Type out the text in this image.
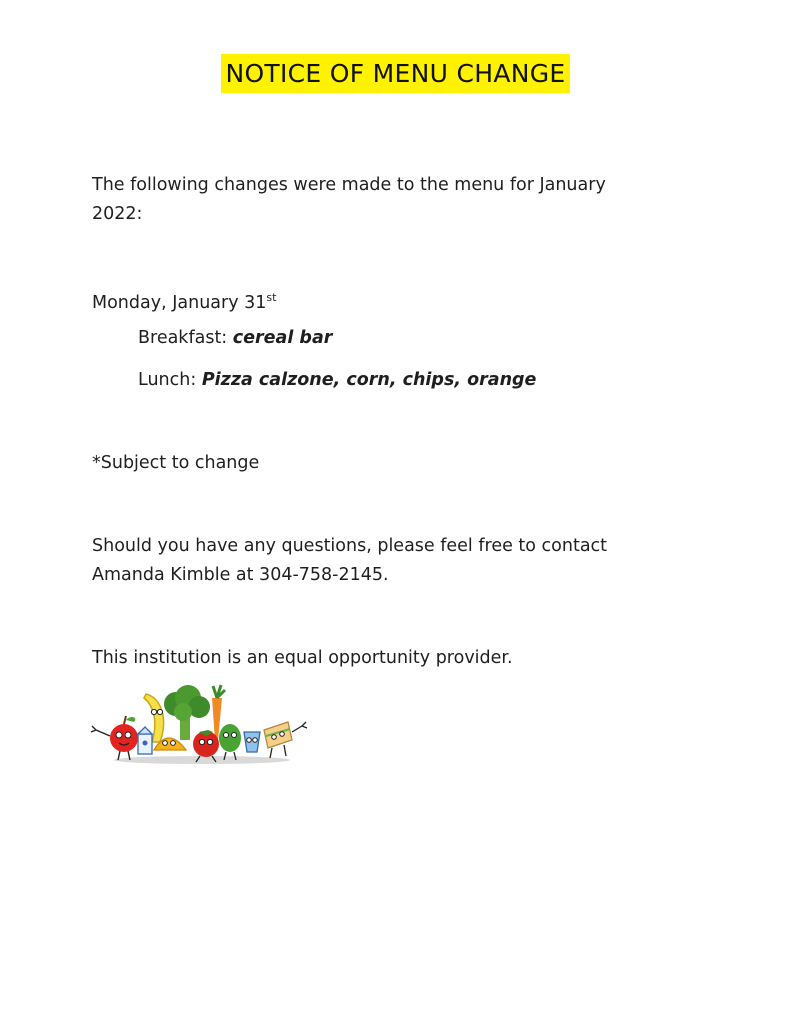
NOTICE OF MENU CHANGE

The following changes were made to the menu for January
2022:

Monday, January 31st

Breakfast: cereal bar
Lunch: Pizza calzone, corn, chips, orange

*Subject to change

Should you have any questions, please feel free to contact
Amanda Kimble at 304-758-2145.

This institution is an equal opportunity provider.
